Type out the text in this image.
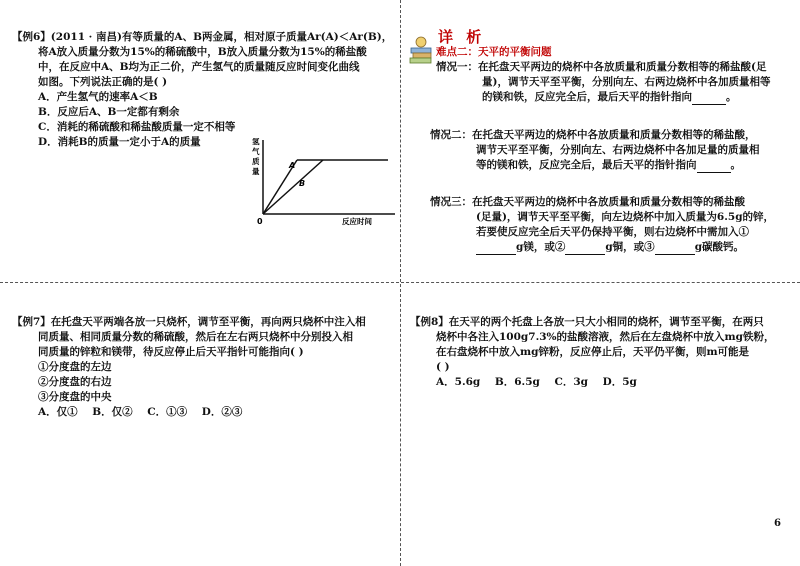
【例6】(2011 · 南昌)有等质量的A、B两金属，相对原子质量Ar(A)＜Ar(B)，
将A放入质量分数为15%的稀硫酸中，B放入质量分数为15%的稀盐酸
中，在反应中A、B均为正二价，产生氢气的质量随反应时间变化曲线
如图。下列说法正确的是( )
A．产生氢气的速率A＜B
B．反应后A、B一定都有剩余
C．消耗的稀硫酸和稀盐酸质量一定不相等
D．消耗B的质量一定小于A的质量	氢
气
质
量
A
B
0	反应时间
详 析
难点二：天平的平衡问题
情况一：在托盘天平两边的烧杯中各放质量和质量分数相等的稀盐酸(足
量)，调节天平至平衡，分别向左、右两边烧杯中各加质量相等
的镁和铁，反应完全后，最后天平的指针指向	。
情况二：在托盘天平两边的烧杯中各放质量和质量分数相等的稀盐酸，
调节天平至平衡，分别向左、右两边烧杯中各加足量的质量相
等的镁和铁，反应完全后，最后天平的指针指向	。
情况三：在托盘天平两边的烧杯中各放质量和质量分数相等的稀盐酸
(足量)，调节天平至平衡，向左边烧杯中加入质量为6.5g的锌，
若要使反应完全后天平仍保持平衡，则右边烧杯中需加入①
g镁，或②	g铜，或③	g碳酸钙。
【例7】在托盘天平两端各放一只烧杯，调节至平衡，再向两只烧杯中注入相
同质量、相同质量分数的稀硫酸，然后在左右两只烧杯中分别投入相
同质量的锌粒和镁带，待反应停止后天平指针可能指向( )
①分度盘的左边
②分度盘的右边
③分度盘的中央
A．仅①    B．仅②    C．①③    D．②③
【例8】在天平的两个托盘上各放一只大小相同的烧杯，调节至平衡，在两只
烧杯中各注入100g7.3%的盐酸溶液，然后在左盘烧杯中放入mg铁粉，
在右盘烧杯中放入mg锌粉，反应停止后，天平仍平衡，则m可能是
( )
A．5.6g    B．6.5g    C．3g    D．5g
6
